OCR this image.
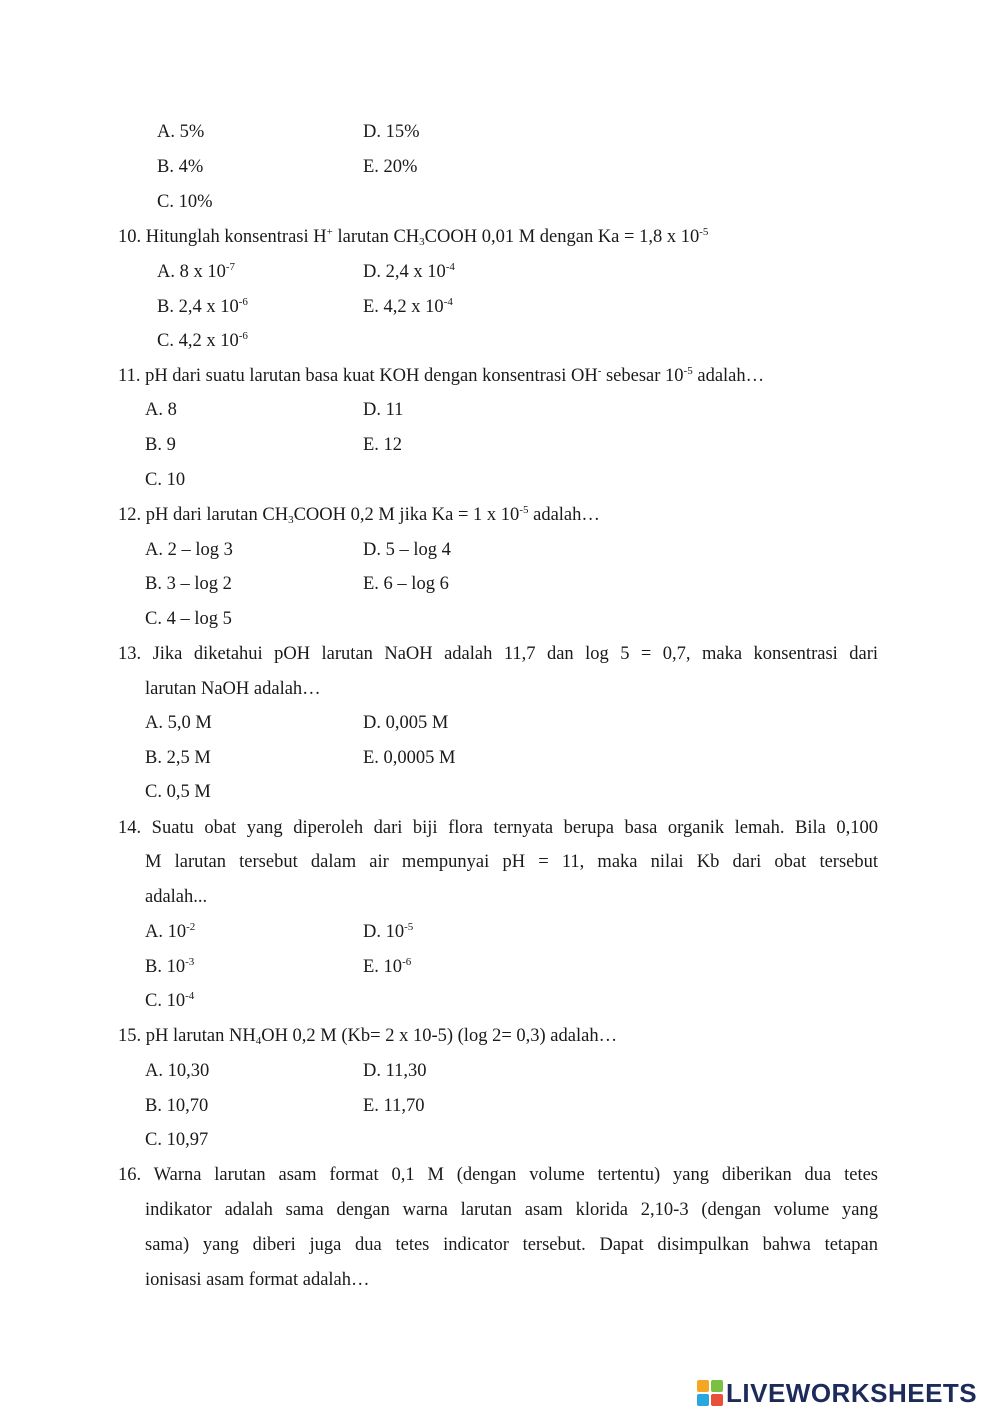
A. 5%	D. 15%
B. 4%	E. 20%
C. 10%
10. Hitunglah konsentrasi H+ larutan $CH_3COOH$ 0,01 M dengan Ka = 1,8 x $10^{-5}$
A. 8 x $10^{-7}$	D. 2,4 x $10^{-4}$
B. 2,4 x $10^{-6}$	E. 4,2 x $10^{-4}$
C. 4,2 x $10^{-6}$
11. pH dari suatu larutan basa kuat KOH dengan konsentrasi OH- sebesar $10^{-5}$ adalah…
A. 8	D. 11
B. 9	E. 12
C. 10
12. pH dari larutan $CH_3COOH$ 0,2 M jika Ka = 1 x $10^{-5}$ adalah…
A. 2 – log 3	D. 5 – log 4
B. 3 – log 2	E. 6 – log 6
C. 4 – log 5
13. Jika diketahui pOH larutan NaOH adalah 11,7 dan log 5 = 0,7, maka konsentrasi dari
larutan NaOH adalah…
A. 5,0 M	D. 0,005 M
B. 2,5 M	E. 0,0005 M
C. 0,5 M
14. Suatu obat yang diperoleh dari biji flora ternyata berupa basa organik lemah. Bila 0,100
M larutan tersebut dalam air mempunyai pH = 11, maka nilai Kb dari obat tersebut
adalah...
A. $10^{-2}$	D. $10^{-5}$
B. $10^{-3}$	E. $10^{-6}$
C. $10^{-4}$
15. pH larutan $NH_4OH$ 0,2 M (Kb= 2 x 10-5) (log 2= 0,3) adalah…
A. 10,30	D. 11,30
B. 10,70	E. 11,70
C. 10,97
16. Warna larutan asam format 0,1 M (dengan volume tertentu) yang diberikan dua tetes
indikator adalah sama dengan warna larutan asam klorida 2,10-3 (dengan volume yang
sama) yang diberi juga dua tetes indicator tersebut. Dapat disimpulkan bahwa tetapan
ionisasi asam format adalah…
LIVEWORKSHEETS
